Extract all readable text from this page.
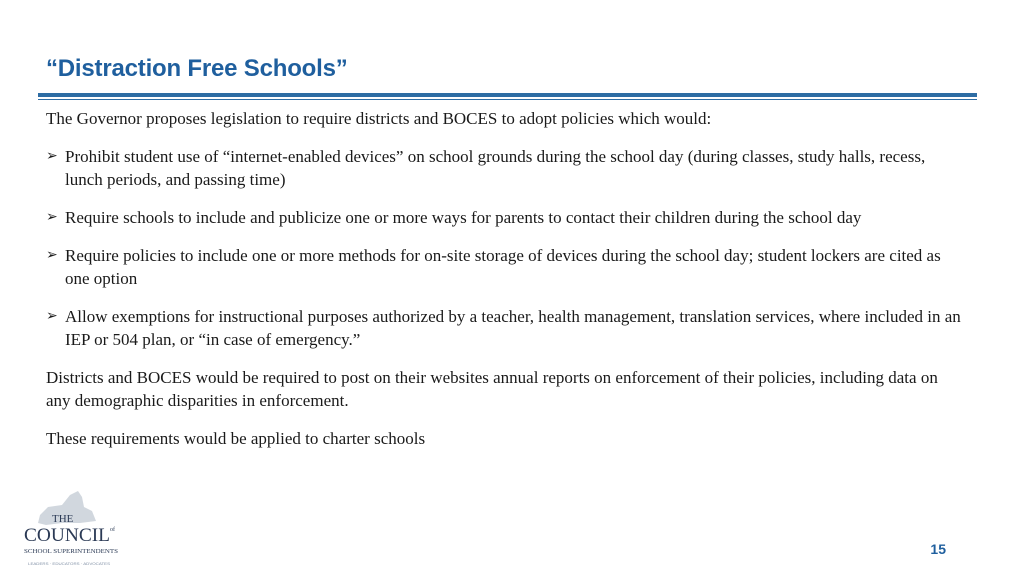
“Distraction Free Schools”

The Governor proposes legislation to require districts and BOCES to adopt policies which would:

➢ Prohibit student use of “internet-enabled devices” on school grounds during the school day (during classes, study halls, recess, lunch periods, and passing time)
➢ Require schools to include and publicize one or more ways for parents to contact their children during the school day
➢ Require policies to include one or more methods for on-site storage of devices during the school day; student lockers are cited as one option
➢ Allow exemptions for instructional purposes authorized by a teacher, health management, translation services, where included in an IEP or 504 plan, or “in case of emergency.”

Districts and BOCES would be required to post on their websites annual reports on enforcement of their policies, including data on any demographic disparities in enforcement.

These requirements would be applied to charter schools

THE
COUNCIL of
SCHOOL SUPERINTENDENTS
LEADERS · EDUCATORS · ADVOCATES
15
